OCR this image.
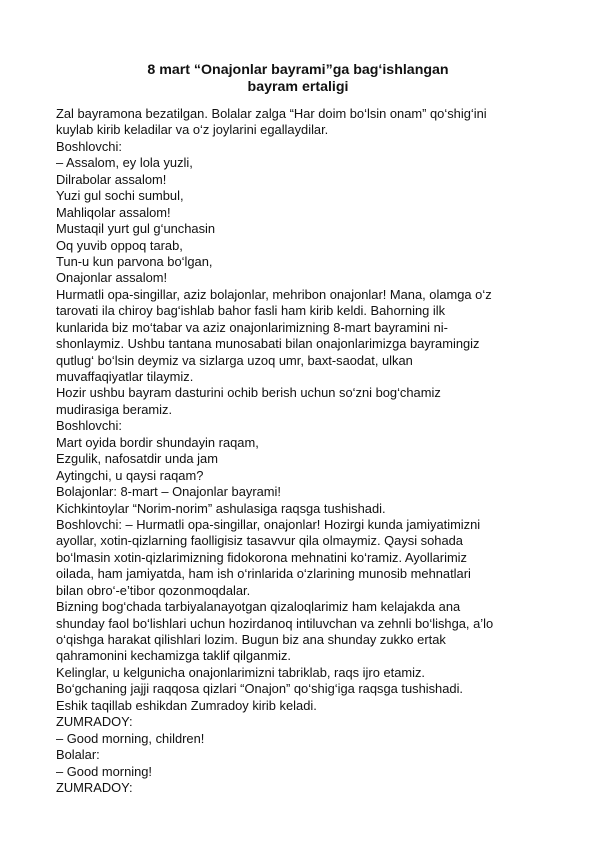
8 mart “Onajonlar bayrami”ga bag‘ishlangan
bayram ertaligi
Zal bayramona bezatilgan. Bolalar zalga “Har doim bo‘lsin onam” qo‘shig‘ini
kuylab kirib keladilar va o‘z joylarini egallaydilar.
Boshlovchi:
– Assalom, ey lola yuzli,
Dilrabolar assalom!
Yuzi gul sochi sumbul,
Mahliqolar assalom!
Mustaqil yurt gul g‘unchasin
Oq yuvib oppoq tarab,
Tun-u kun parvona bo‘lgan,
Onajonlar assalom!
Hurmatli opa-singillar, aziz bolajonlar, mehribon onajonlar! Mana, olamga o‘z
tarovati ila chiroy bag‘ishlab bahor fasli ham kirib keldi. Bahorning ilk
kunlarida biz mo‘tabar va aziz onajonlarimizning 8-mart bayramini ni-
shonlaymiz. Ushbu tantana munosabati bilan onajonlarimizga bayramingiz
qutlug‘ bo‘lsin deymiz va sizlarga uzoq umr, baxt-saodat, ulkan
muvaffaqiyatlar tilaymiz.
Hozir ushbu bayram dasturini ochib berish uchun so‘zni bog‘chamiz
mudirasiga beramiz.
Boshlovchi:
Mart oyida bordir shundayin raqam,
Ezgulik, nafosatdir unda jam
Aytingchi, u qaysi raqam?
Bolajonlar: 8-mart – Onajonlar bayrami!
Kichkintoylar “Norim-norim” ashulasiga raqsga tushishadi.
Boshlovchi: – Hurmatli opa-singillar, onajonlar! Hozirgi kunda jamiyatimizni
ayollar, xotin-qizlarning faolligisiz tasavvur qila olmaymiz. Qaysi sohada
bo‘lmasin xotin-qizlarimizning fidokorona mehnatini ko‘ramiz. Ayollarimiz
oilada, ham jamiyatda, ham ish o‘rinlarida o‘zlarining munosib mehnatlari
bilan obro‘-e’tibor qozonmoqdalar.
Bizning bog‘chada tarbiyalanayotgan qizaloqlarimiz ham kelajakda ana
shunday faol bo‘lishlari uchun hozirdanoq intiluvchan va zehnli bo‘lishga, a’lo
o‘qishga harakat qilishlari lozim. Bugun biz ana shunday zukko ertak
qahramonini kechamizga taklif qilganmiz.
Kelinglar, u kelgunicha onajonlarimizni tabriklab, raqs ijro etamiz.
Bo‘gchaning jajji raqqosa qizlari “Onajon” qo‘shig‘iga raqsga tushishadi.
Eshik taqillab eshikdan Zumradoy kirib keladi.
ZUMRADOY:
– Good morning, children!
Bolalar:
– Good morning!
ZUMRADOY:
